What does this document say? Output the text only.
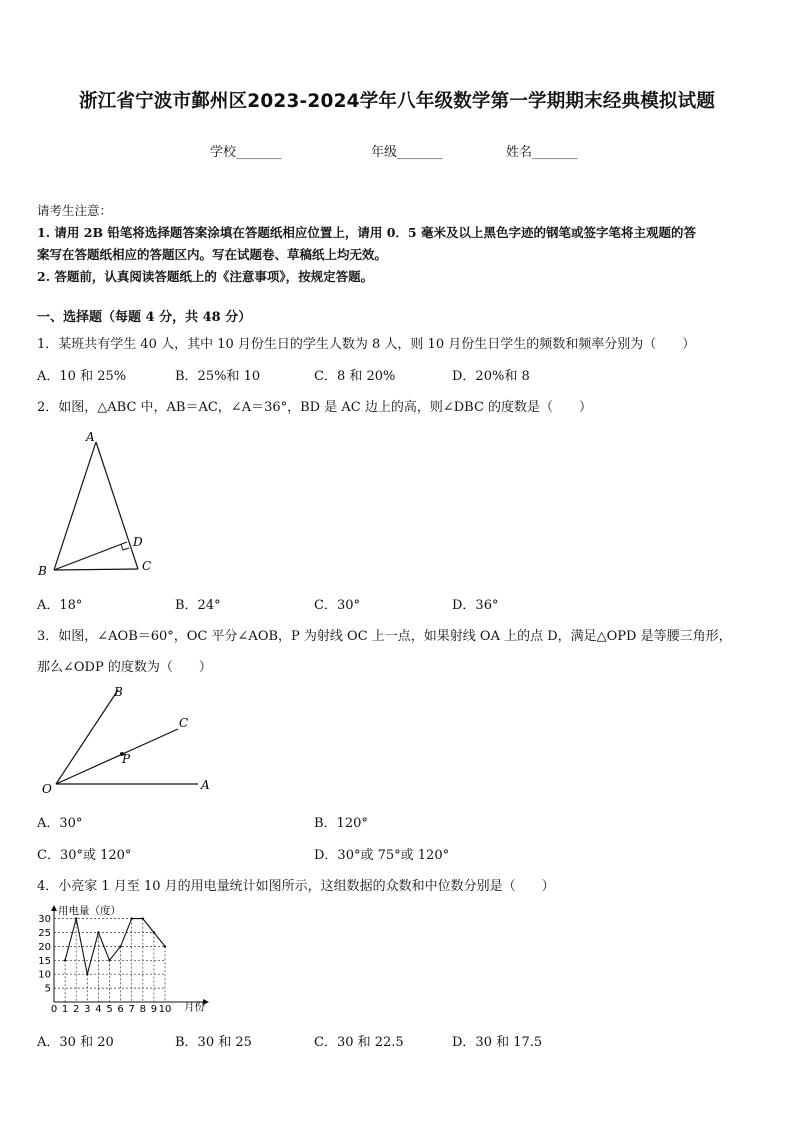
浙江省宁波市鄞州区2023-2024学年八年级数学第一学期期末经典模拟试题
学校_______	年级_______	姓名_______
请考生注意：
1. 请用 2B 铅笔将选择题答案涂填在答题纸相应位置上，请用 0．5 毫米及以上黑色字迹的钢笔或签字笔将主观题的答
案写在答题纸相应的答题区内。写在试题卷、草稿纸上均无效。
2. 答题前，认真阅读答题纸上的《注意事项》，按规定答题。
一、选择题（每题 4 分，共 48 分）
1．某班共有学生 40 人，其中 10 月份生日的学生人数为 8 人，则 10 月份生日学生的频数和频率分别为（　　）
A．10 和 25%	B．25%和 10	C．8 和 20%	D．20%和 8
2．如图，△ABC 中，AB＝AC，∠A＝36°，BD 是 AC 边上的高，则∠DBC 的度数是（　　）
A
B	C
D
A．18°	B．24°	C．30°	D．36°
3．如图，∠AOB＝60°，OC 平分∠AOB，P 为射线 OC 上一点，如果射线 OA 上的点 D，满足△OPD 是等腰三角形，
那么∠ODP 的度数为（　　）
B
C
P
O	A
A．30°	B．120°
C．30°或 120°	D．30°或 75°或 120°
4．小亮家 1 月至 10 月的用电量统计如图所示，这组数据的众数和中位数分别是（　　）
5
10
15
20
25
30
0 1 2 3 4 5 6 7 8 9 10
用电量（度）
月份
A．30 和 20	B．30 和 25	C．30 和 22.5	D．30 和 17.5
